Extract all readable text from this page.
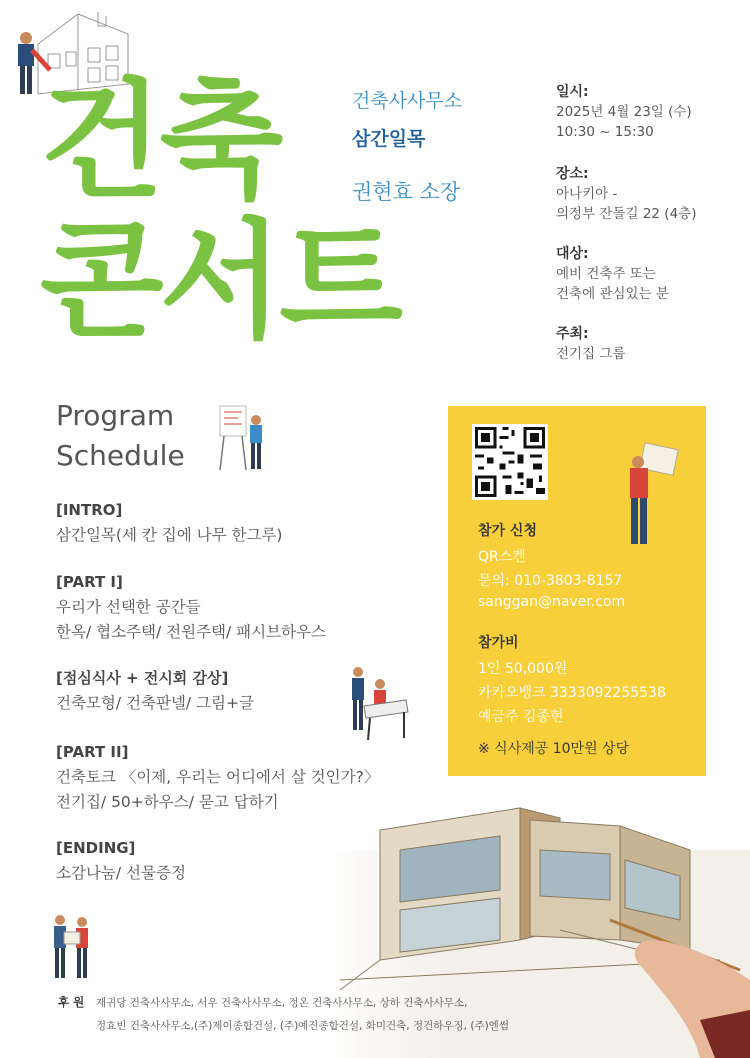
건축
콘서트
건축사사무소
삼간일목
권현효 소장
일시:
2025년 4월 23일 (수)
10:30 ~ 15:30
장소:
아나키아 -
의정부 잔돌길 22 (4층)
대상:
예비 건축주 또는
건축에 관심있는 분
주최:
전기집 그룹
Program
Schedule
[INTRO]
삼간일목(세 칸 집에 나무 한그루)
[PART I]
우리가 선택한 공간들
한옥/ 협소주택/ 전원주택/ 패시브하우스
[점심식사 + 전시회 감상]
건축모형/ 건축판넬/ 그림+글
[PART II]
건축토크 〈이제, 우리는 어디에서 살 것인가?〉
전기집/ 50+하우스/ 묻고 답하기
[ENDING]
소감나눔/ 선물증정
참가 신청
QR스켄
문의: 010-3803-8157
sanggan@naver.com
참가비
1인 50,000원
카카오뱅크 3333092255538
예금주 김종현
※ 식사제공 10만원 상당
후 원 재귀당 건축사사무소, 서우 건축사사무소, 정온 건축사사무소, 상하 건축사사무소,
정효빈 건축사사무소,(주)제이종합건설, (주)예진종합건설, 화미건축, 정건하우징, (주)엔썸
